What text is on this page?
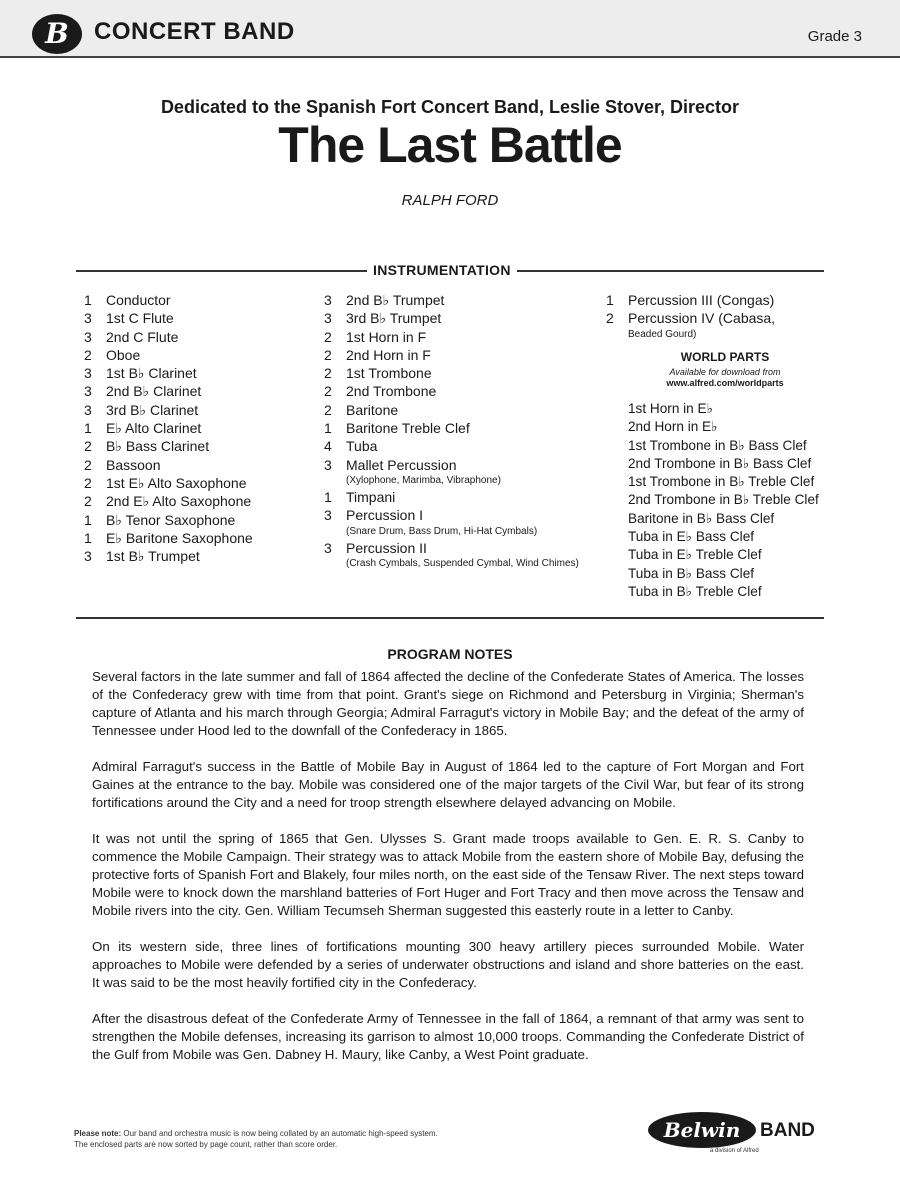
B	CONCERT BAND	Grade 3
Dedicated to the Spanish Fort Concert Band, Leslie Stover, Director
The Last Battle
RALPH FORD
INSTRUMENTATION
1	Conductor
3	1st C Flute
3	2nd C Flute
2	Oboe
3	1st B♭ Clarinet
3	2nd B♭ Clarinet
3	3rd B♭ Clarinet
1	E♭ Alto Clarinet
2	B♭ Bass Clarinet
2	Bassoon
2	1st E♭ Alto Saxophone
2	2nd E♭ Alto Saxophone
1	B♭ Tenor Saxophone
1	E♭ Baritone Saxophone
3	1st B♭ Trumpet
3	2nd B♭ Trumpet
3	3rd B♭ Trumpet
2	1st Horn in F
2	2nd Horn in F
2	1st Trombone
2	2nd Trombone
2	Baritone
1	Baritone Treble Clef
4	Tuba
3	Mallet Percussion
(Xylophone, Marimba, Vibraphone)
1	Timpani
3	Percussion I
(Snare Drum, Bass Drum, Hi-Hat Cymbals)
3	Percussion II
(Crash Cymbals, Suspended Cymbal, Wind Chimes)
1	Percussion III (Congas)
2	Percussion IV (Cabasa,
Beaded Gourd)
WORLD PARTS
Available for download from
www.alfred.com/worldparts
1st Horn in E♭
2nd Horn in E♭
1st Trombone in B♭ Bass Clef
2nd Trombone in B♭ Bass Clef
1st Trombone in B♭ Treble Clef
2nd Trombone in B♭ Treble Clef
Baritone in B♭ Bass Clef
Tuba in E♭ Bass Clef
Tuba in E♭ Treble Clef
Tuba in B♭ Bass Clef
Tuba in B♭ Treble Clef
PROGRAM NOTES

Several factors in the late summer and fall of 1864 affected the decline of the Confederate States of America. The losses of the Confederacy grew with time from that point. Grant's siege on Richmond and Petersburg in Virginia; Sherman's capture of Atlanta and his march through Georgia; Admiral Farragut's victory in Mobile Bay; and the defeat of the army of Tennessee under Hood led to the downfall of the Confederacy in 1865.

Admiral Farragut's success in the Battle of Mobile Bay in August of 1864 led to the capture of Fort Morgan and Fort Gaines at the entrance to the bay. Mobile was considered one of the major targets of the Civil War, but fear of its strong fortifications around the City and a need for troop strength elsewhere delayed advancing on Mobile.

It was not until the spring of 1865 that Gen. Ulysses S. Grant made troops available to Gen. E. R. S. Canby to commence the Mobile Campaign. Their strategy was to attack Mobile from the eastern shore of Mobile Bay, defusing the protective forts of Spanish Fort and Blakely, four miles north, on the east side of the Tensaw River. The next steps toward Mobile were to knock down the marshland batteries of Fort Huger and Fort Tracy and then move across the Tensaw and Mobile rivers into the city. Gen. William Tecumseh Sherman suggested this easterly route in a letter to Canby.

On its western side, three lines of fortifications mounting 300 heavy artillery pieces surrounded Mobile. Water approaches to Mobile were defended by a series of underwater obstructions and island and shore batteries on the east. It was said to be the most heavily fortified city in the Confederacy.

After the disastrous defeat of the Confederate Army of Tennessee in the fall of 1864, a remnant of that army was sent to strengthen the Mobile defenses, increasing its garrison to almost 10,000 troops. Commanding the Confederate District of the Gulf from Mobile was Gen. Dabney H. Maury, like Canby, a West Point graduate.

Please note: Our band and orchestra music is now being collated by an automatic high-speed system.
The enclosed parts are now sorted by page count, rather than score order.
Belwin	BAND
a division of Alfred
